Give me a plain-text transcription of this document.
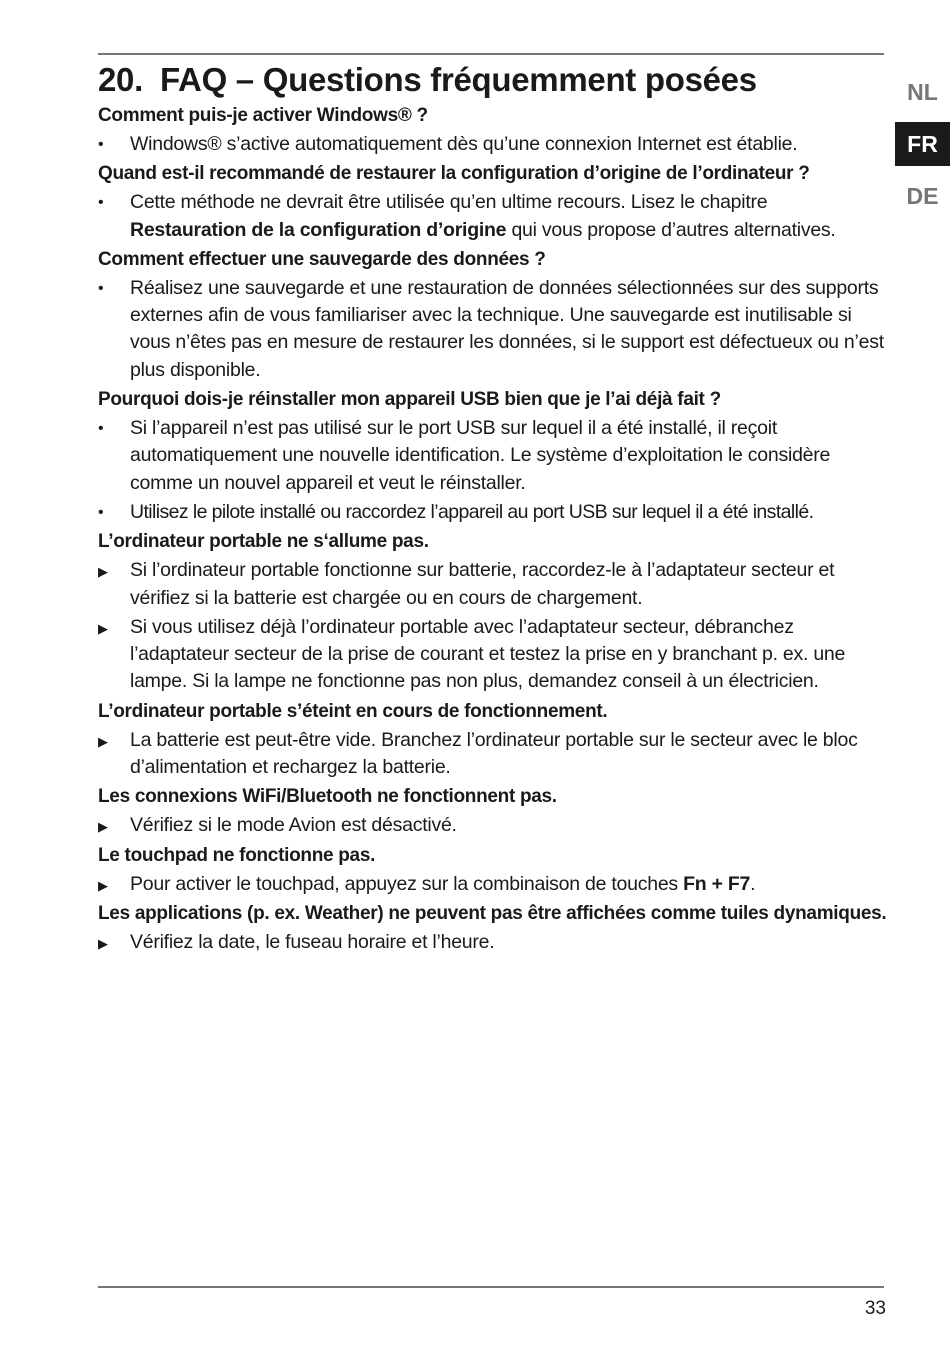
20. FAQ – Questions fréquemment posées

Comment puis-je activer Windows® ?

•	Windows® s’active automatiquement dès qu’une connexion Internet est établie.

Quand est-il recommandé de restaurer la configuration d’origine de l’ordinateur ?

•	Cette méthode ne devrait être utilisée qu’en ultime recours. Lisez le chapitre Restauration de la configuration d’origine qui vous propose d’autres alternatives.

Comment effectuer une sauvegarde des données ?

•	Réalisez une sauvegarde et une restauration de données sélectionnées sur des supports externes afin de vous familiariser avec la technique. Une sauvegarde est inutilisable si vous n’êtes pas en mesure de restaurer les données, si le support est défectueux ou n’est plus disponible.

Pourquoi dois-je réinstaller mon appareil USB bien que je l’ai déjà fait ?

•	Si l’appareil n’est pas utilisé sur le port USB sur lequel il a été installé, il reçoit automatiquement une nouvelle identification. Le système d’exploitation le considère comme un nouvel appareil et veut le réinstaller.
•	Utilisez le pilote installé ou raccordez l’appareil au port USB sur lequel il a été installé.

L’ordinateur portable ne s‘allume pas.

▶	Si l’ordinateur portable fonctionne sur batterie, raccordez-le à l’adaptateur secteur et vérifiez si la batterie est chargée ou en cours de chargement.
▶	Si vous utilisez déjà l’ordinateur portable avec l’adaptateur secteur, débranchez l’adaptateur secteur de la prise de courant et testez la prise en y branchant p. ex. une lampe. Si la lampe ne fonctionne pas non plus, demandez conseil à un électricien.

L’ordinateur portable s’éteint en cours de fonctionnement.

▶	La batterie est peut-être vide. Branchez l’ordinateur portable sur le secteur avec le bloc d’alimentation et rechargez la batterie.

Les connexions WiFi/Bluetooth ne fonctionnent pas.

▶	Vérifiez si le mode Avion est désactivé.

Le touchpad ne fonctionne pas.

▶	Pour activer le touchpad, appuyez sur la combinaison de touches Fn + F7.

Les applications (p. ex. Weather) ne peuvent pas être affichées comme tuiles dynamiques.

▶	Vérifiez la date, le fuseau horaire et l’heure.
NL
FR
DE
33
